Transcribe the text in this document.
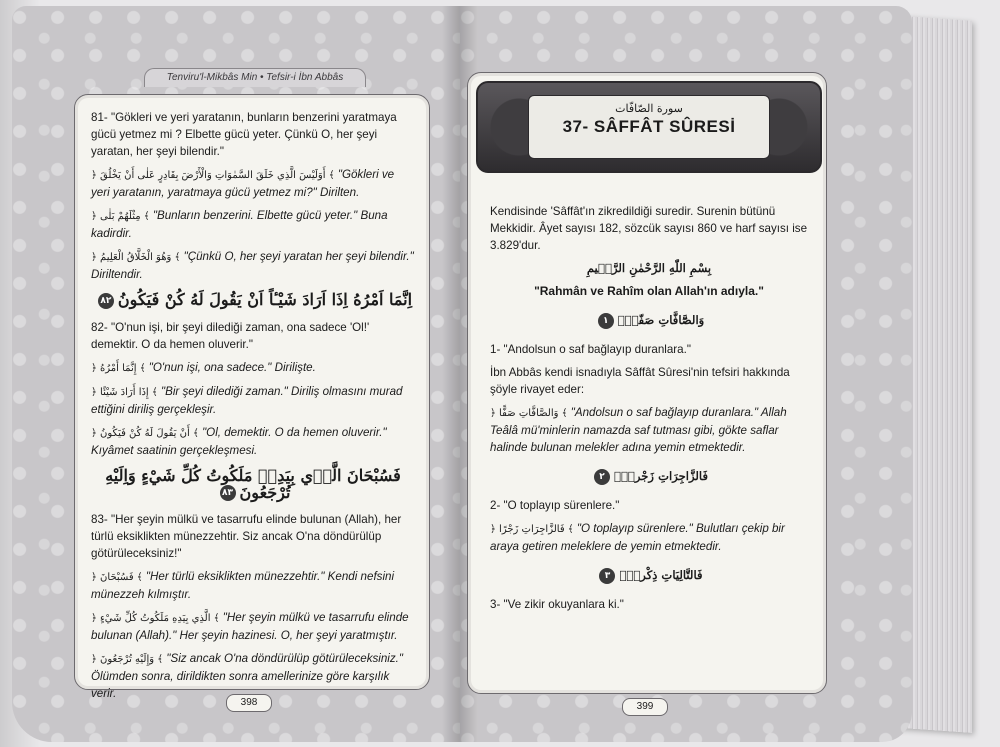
Tenviru'l-Mikbâs Min • Tefsir-i İbn Abbâs

81- "Gökleri ve yeri yaratanın, bunların benzerini yaratmaya gücü yetmez mi ? Elbette gücü yeter. Çünkü O, her şeyi yaratan, her şeyi bilendir."

﴿ أَوَلَيْسَ الَّذِي خَلَقَ السَّمٰوَاتِ وَالْأَرْضَ بِقَادِرٍ عَلٰى أَنْ يَخْلُقَ ﴾ "Gökleri ve yeri yaratanın, yaratmaya gücü yetmez mi?" Dirilten.

﴿ مِثْلَهُمْ بَلٰى ﴾ "Bunların benzerini. Elbette gücü yeter." Buna kadirdir.

﴿ وَهُوَ الْخَلَّاقُ الْعَلِيمُ ﴾ "Çünkü O, her şeyi yaratan her şeyi bilendir." Diriltendir.

اِنَّمَا اَمْرُهُ اِذَا اَرَادَ شَيْـٔاً اَنْ يَقُولَ لَهُ كُنْ فَيَكُونُ٨٢

82- "O'nun işi, bir şeyi dilediği zaman, ona sadece 'Ol!' demektir. O da hemen oluverir."

﴿ إِنَّمَا أَمْرُهُ ﴾ "O'nun işi, ona sadece." Dirilişte.

﴿ إِذَا أَرَادَ شَيْئًا ﴾ "Bir şeyi dilediği zaman." Diriliş olmasını murad ettiğini diriliş gerçekleşir.

﴿ أَنْ يَقُولَ لَهُ كُنْ فَيَكُونُ ﴾ "Ol, demektir. O da hemen oluverir." Kıyâmet saatinin gerçekleşmesi.

فَسُبْحَانَ الَّذ۪ي بِيَدِه۪ مَلَكُوتُ كُلِّ شَيْءٍ وَاِلَيْهِ تُرْجَعُونَ٨٣

83- "Her şeyin mülkü ve tasarrufu elinde bulunan (Allah), her türlü eksiklikten münezzehtir. Siz ancak O'na döndürülüp götürüleceksiniz!"

﴿ فَسُبْحَانَ ﴾ "Her türlü eksiklikten münezzehtir." Kendi nefsini münezzeh kılmıştır.

﴿ الَّذِي بِيَدِهِ مَلَكُوتُ كُلِّ شَيْءٍ ﴾ "Her şeyin mülkü ve tasarrufu elinde bulunan (Allah)." Her şeyin hazinesi. O, her şeyi yaratmıştır.

﴿ وَإِلَيْهِ تُرْجَعُونَ ﴾ "Siz ancak O'na döndürülüp götürüleceksiniz." Ölümden sonra, dirildikten sonra amellerinize göre karşılık verir.

398
سورة الصّافّات
37- SÂFFÂT SÛRESİ

Kendisinde 'Sâffât'ın zikredildiği suredir. Surenin bütünü Mekkidir. Âyet sayısı 182, sözcük sayısı 860 ve harf sayısı ise 3.829'dur.

بِسْمِ اللّٰهِ الرَّحْمٰنِ الرَّح۪يمِ

"Rahmân ve Rahîm olan Allah'ın adıyla."

وَالصَّٓافَّاتِ صَفّاًۙ١

1- "Andolsun o saf bağlayıp duranlara."

İbn Abbâs kendi isnadıyla Sâffât Sûresi'nin tefsiri hakkında şöyle rivayet eder:

﴿ وَالصَّافَّاتِ صَفًّا ﴾ "Andolsun o saf bağlayıp duranlara." Allah Teâlâ mü'minlerin namazda saf tutması gibi, gökte saflar halinde bulunan melekler adına yemin etmektedir.

فَالزَّاجِرَاتِ زَجْراًۙ٢

2- "O toplayıp sürenlere."

﴿ فَالزَّاجِرَاتِ زَجْرًا ﴾ "O toplayıp sürenlere." Bulutları çekip bir araya getiren meleklere de yemin etmektedir.

فَالتَّالِيَاتِ ذِكْراًۙ٣

3- "Ve zikir okuyanlara ki."

399
